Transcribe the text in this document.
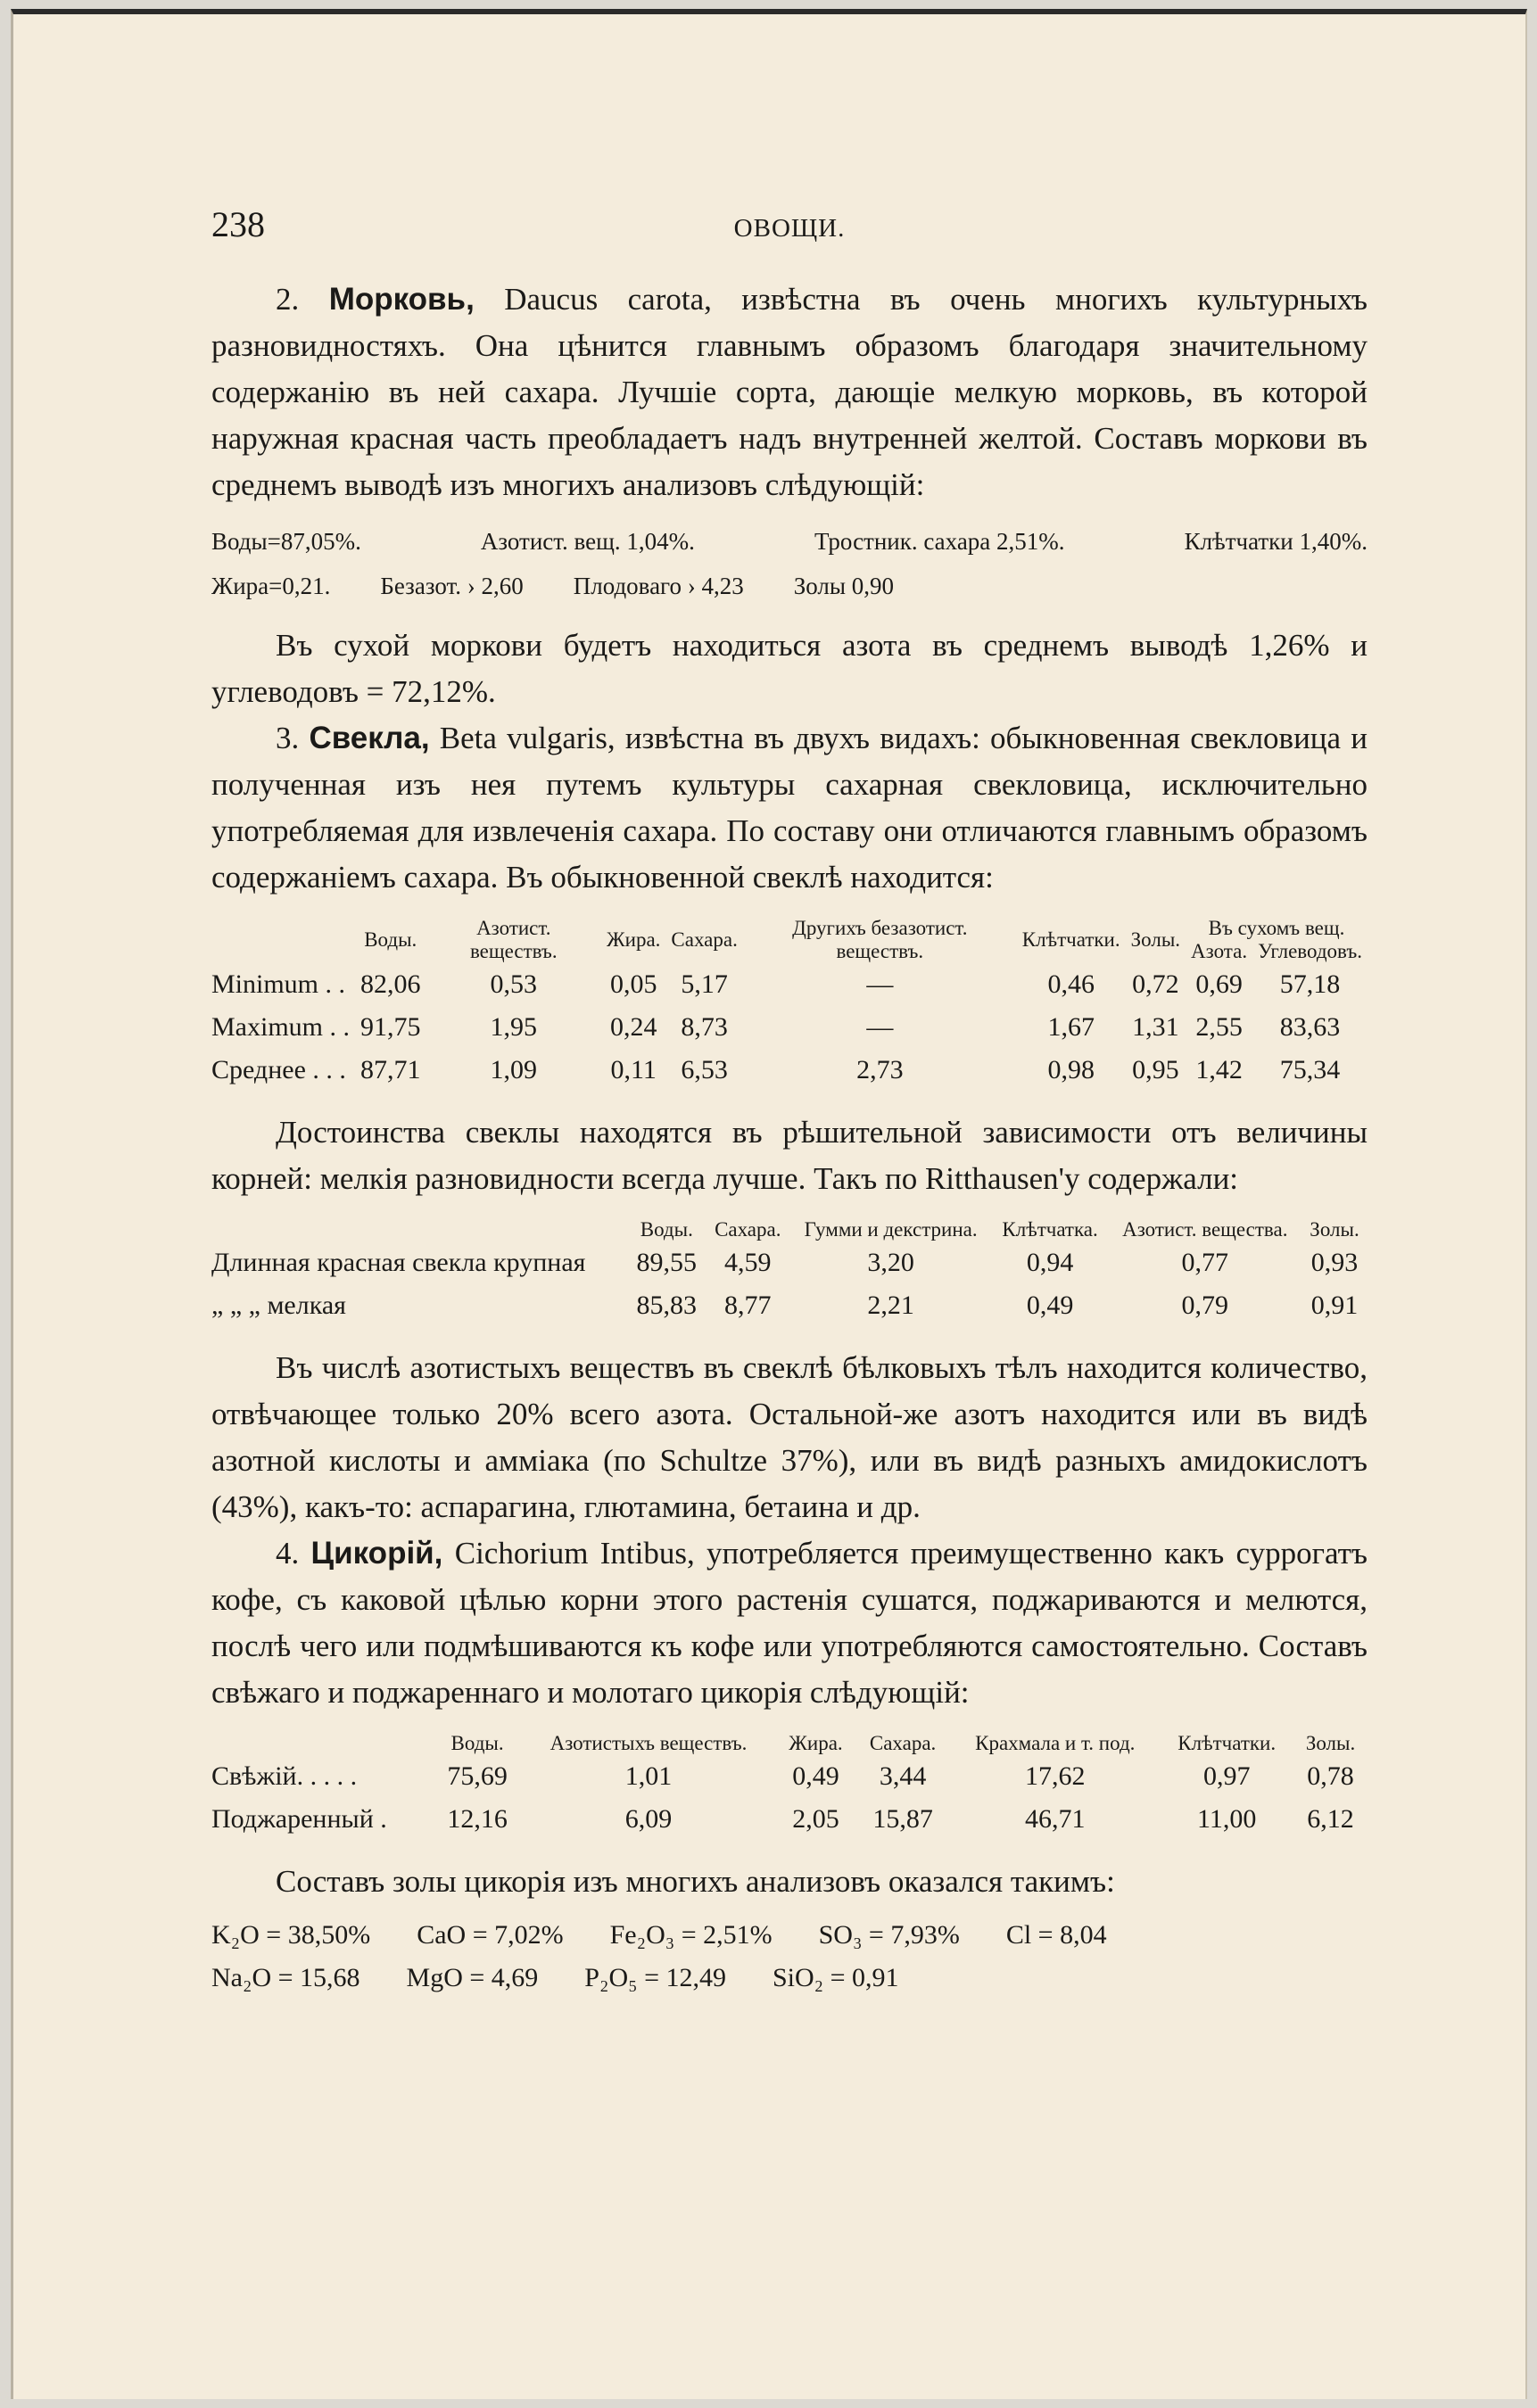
238	ОВОЩИ.

2. Морковь, Daucus carota, извѣстна въ очень многихъ культурныхъ разновидностяхъ. Она цѣнится главнымъ образомъ благодаря значительному содержанію въ ней сахара. Лучшіе сорта, дающіе мелкую морковь, въ которой наружная красная часть преобладаетъ надъ внутренней желтой. Составъ моркови въ среднемъ выводѣ изъ многихъ анализовъ слѣдующій:

Воды=87,05%.	Азотист. вещ. 1,04%.	Тростник. сахара 2,51%.	Клѣтчатки 1,40%.
Жира=0,21. Безазот. › 2,60 Плодоваго › 4,23 Золы 0,90

Въ сухой моркови будетъ находиться азота въ среднемъ выводѣ 1,26% и углеводовъ = 72,12%.

3. Свекла, Beta vulgaris, извѣстна въ двухъ видахъ: обыкновенная свекловица и полученная изъ нея путемъ культуры сахарная свекловица, исключительно употребляемая для извлеченія сахара. По составу они отличаются главнымъ образомъ содержаніемъ сахара. Въ обыкновенной свеклѣ находится:

	Воды.	Азотист. веществъ.	Жира.	Сахара.	Другихъ безазотист. веществъ.	Клѣтчатки.	Золы.	Въ сухомъ вещ.	
								Азота.	Углеводовъ.
Minimum . .	82,06	0,53	0,05	5,17	—	0,46	0,72	0,69	57,18
Maximum . .	91,75	1,95	0,24	8,73	—	1,67	1,31	2,55	83,63
Среднее . . .	87,71	1,09	0,11	6,53	2,73	0,98	0,95	1,42	75,34

Достоинства свеклы находятся въ рѣшительной зависимости отъ величины корней: мелкія разновидности всегда лучше. Такъ по Ritthausen'у содержали:

	Воды.	Сахара.	Гумми и декстрина.	Клѣтчатка.	Азотист. вещества.	Золы.
Длинная красная свекла крупная	89,55	4,59	3,20	0,94	0,77	0,93
„ „ „ мелкая	85,83	8,77	2,21	0,49	0,79	0,91

Въ числѣ азотистыхъ веществъ въ свеклѣ бѣлковыхъ тѣлъ находится количество, отвѣчающее только 20% всего азота. Остальной-же азотъ находится или въ видѣ азотной кислоты и амміака (по Schultze 37%), или въ видѣ разныхъ амидокислотъ (43%), какъ-то: аспарагина, глютамина, бетаина и др.

4. Цикорій, Cichorium Intibus, употребляется преимущественно какъ суррогатъ кофе, съ каковой цѣлью корни этого растенія сушатся, поджариваются и мелются, послѣ чего или подмѣшиваются къ кофе или употребляются самостоятельно. Составъ свѣжаго и поджареннаго и молотаго цикорія слѣдующій:

	Воды.	Азотистыхъ веществъ.	Жира.	Сахара.	Крахмала и т. под.	Клѣтчатки.	Золы.
Свѣжій. . . . .	75,69	1,01	0,49	3,44	17,62	0,97	0,78
Поджаренный .	12,16	6,09	2,05	15,87	46,71	11,00	6,12

Составъ золы цикорія изъ многихъ анализовъ оказался такимъ:

K₂O = 38,50% CaO = 7,02% Fe₂O₃ = 2,51% SO₃ = 7,93% Cl = 8,04
Na₂O = 15,68 MgO = 4,69 P₂O₅ = 12,49 SiO₂ = 0,91
